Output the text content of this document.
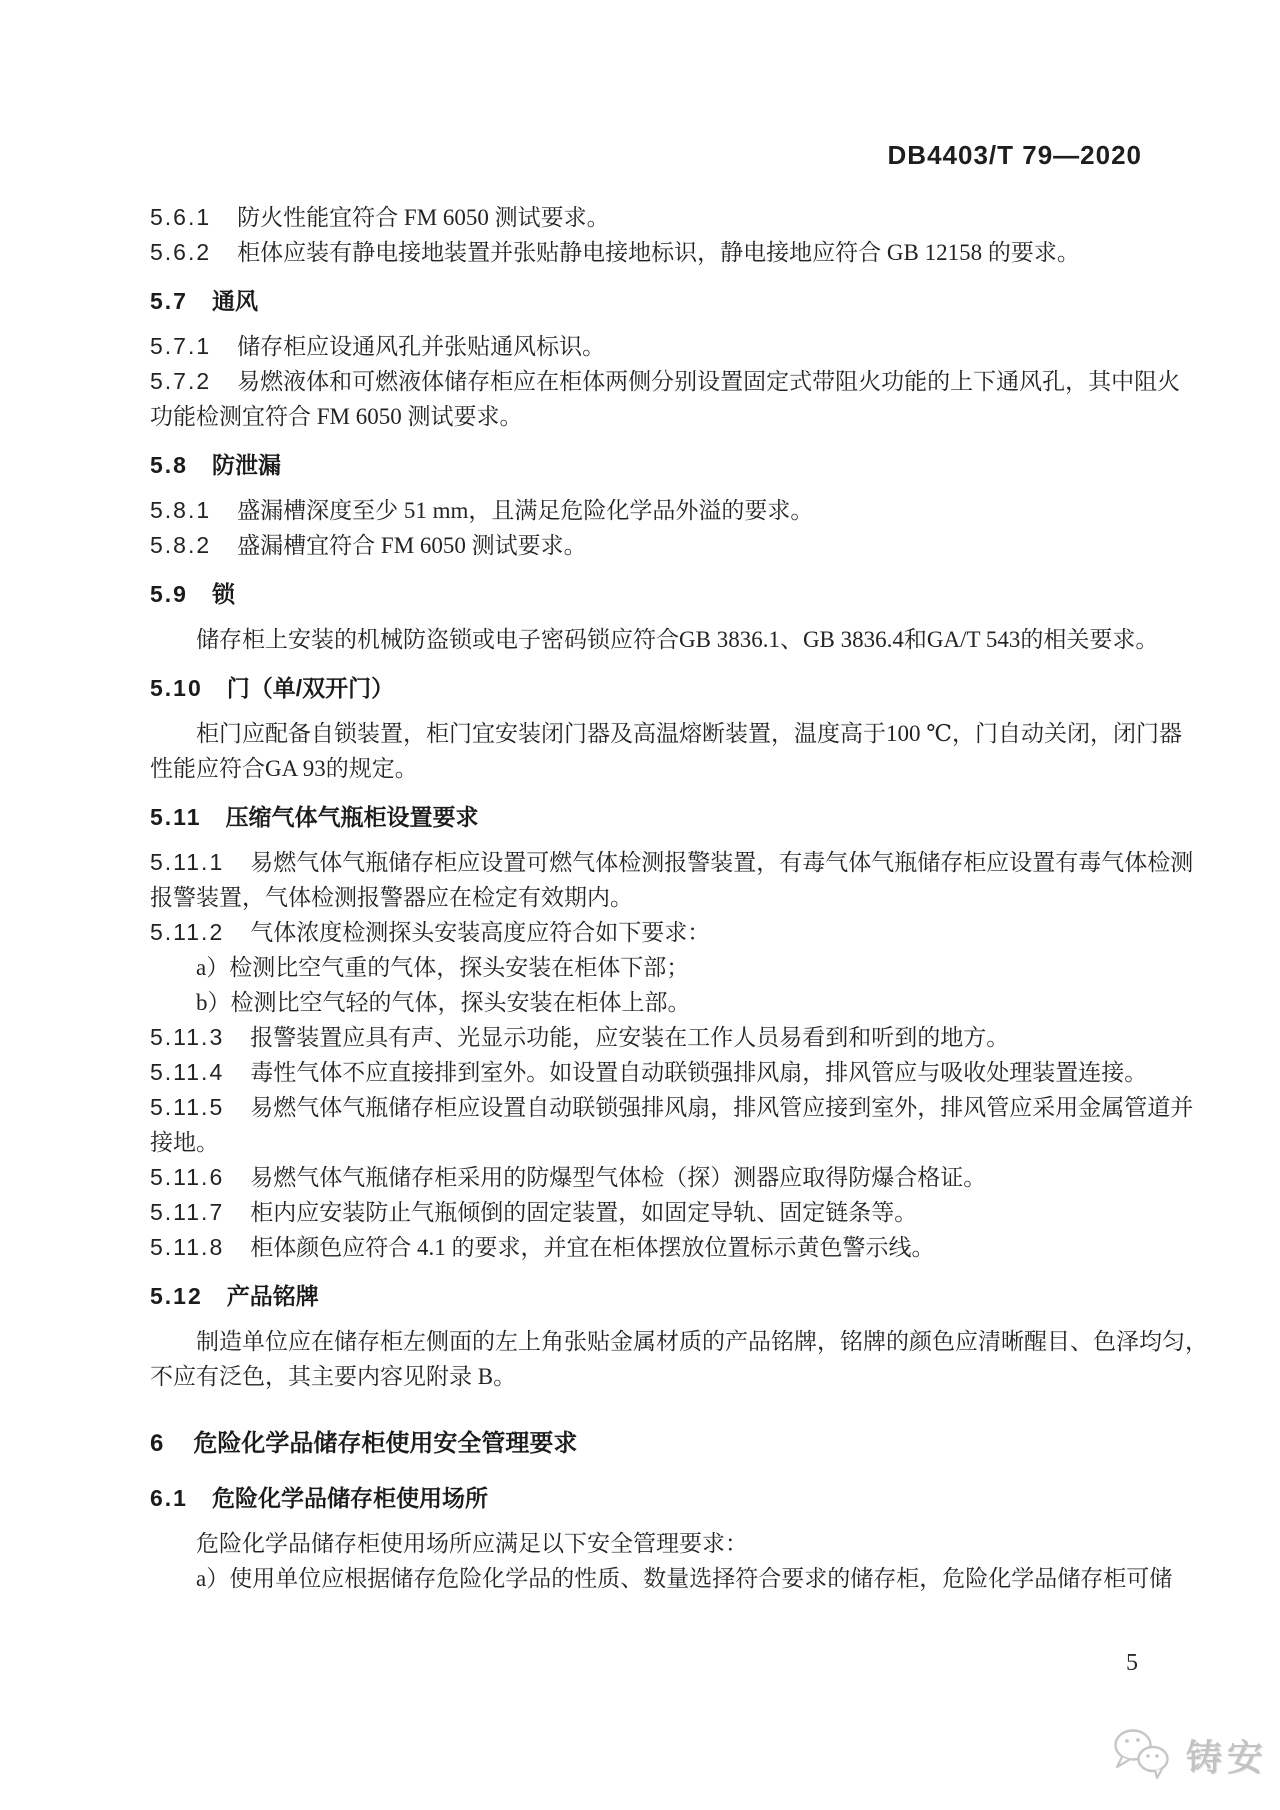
DB4403/T 79—2020
5.6.1 防火性能宜符合 FM 6050 测试要求。
5.6.2 柜体应装有静电接地装置并张贴静电接地标识，静电接地应符合 GB 12158 的要求。
5.7 通风
5.7.1 储存柜应设通风孔并张贴通风标识。
5.7.2 易燃液体和可燃液体储存柜应在柜体两侧分别设置固定式带阻火功能的上下通风孔，其中阻火
功能检测宜符合 FM 6050 测试要求。
5.8 防泄漏
5.8.1 盛漏槽深度至少 51 mm，且满足危险化学品外溢的要求。
5.8.2 盛漏槽宜符合 FM 6050 测试要求。
5.9 锁
储存柜上安装的机械防盗锁或电子密码锁应符合GB 3836.1、GB 3836.4和GA/T 543的相关要求。
5.10 门（单/双开门）
柜门应配备自锁装置，柜门宜安装闭门器及高温熔断装置，温度高于100 ℃，门自动关闭，闭门器
性能应符合GA 93的规定。
5.11 压缩气体气瓶柜设置要求
5.11.1 易燃气体气瓶储存柜应设置可燃气体检测报警装置，有毒气体气瓶储存柜应设置有毒气体检测
报警装置，气体检测报警器应在检定有效期内。
5.11.2 气体浓度检测探头安装高度应符合如下要求：
a）检测比空气重的气体，探头安装在柜体下部；
b）检测比空气轻的气体，探头安装在柜体上部。
5.11.3 报警装置应具有声、光显示功能，应安装在工作人员易看到和听到的地方。
5.11.4 毒性气体不应直接排到室外。如设置自动联锁强排风扇，排风管应与吸收处理装置连接。
5.11.5 易燃气体气瓶储存柜应设置自动联锁强排风扇，排风管应接到室外，排风管应采用金属管道并
接地。
5.11.6 易燃气体气瓶储存柜采用的防爆型气体检（探）测器应取得防爆合格证。
5.11.7 柜内应安装防止气瓶倾倒的固定装置，如固定导轨、固定链条等。
5.11.8 柜体颜色应符合 4.1 的要求，并宜在柜体摆放位置标示黄色警示线。
5.12 产品铭牌
制造单位应在储存柜左侧面的左上角张贴金属材质的产品铭牌，铭牌的颜色应清晰醒目、色泽均匀，
不应有泛色，其主要内容见附录 B。
6 危险化学品储存柜使用安全管理要求
6.1 危险化学品储存柜使用场所
危险化学品储存柜使用场所应满足以下安全管理要求：
a）使用单位应根据储存危险化学品的性质、数量选择符合要求的储存柜，危险化学品储存柜可储
5
铸安
